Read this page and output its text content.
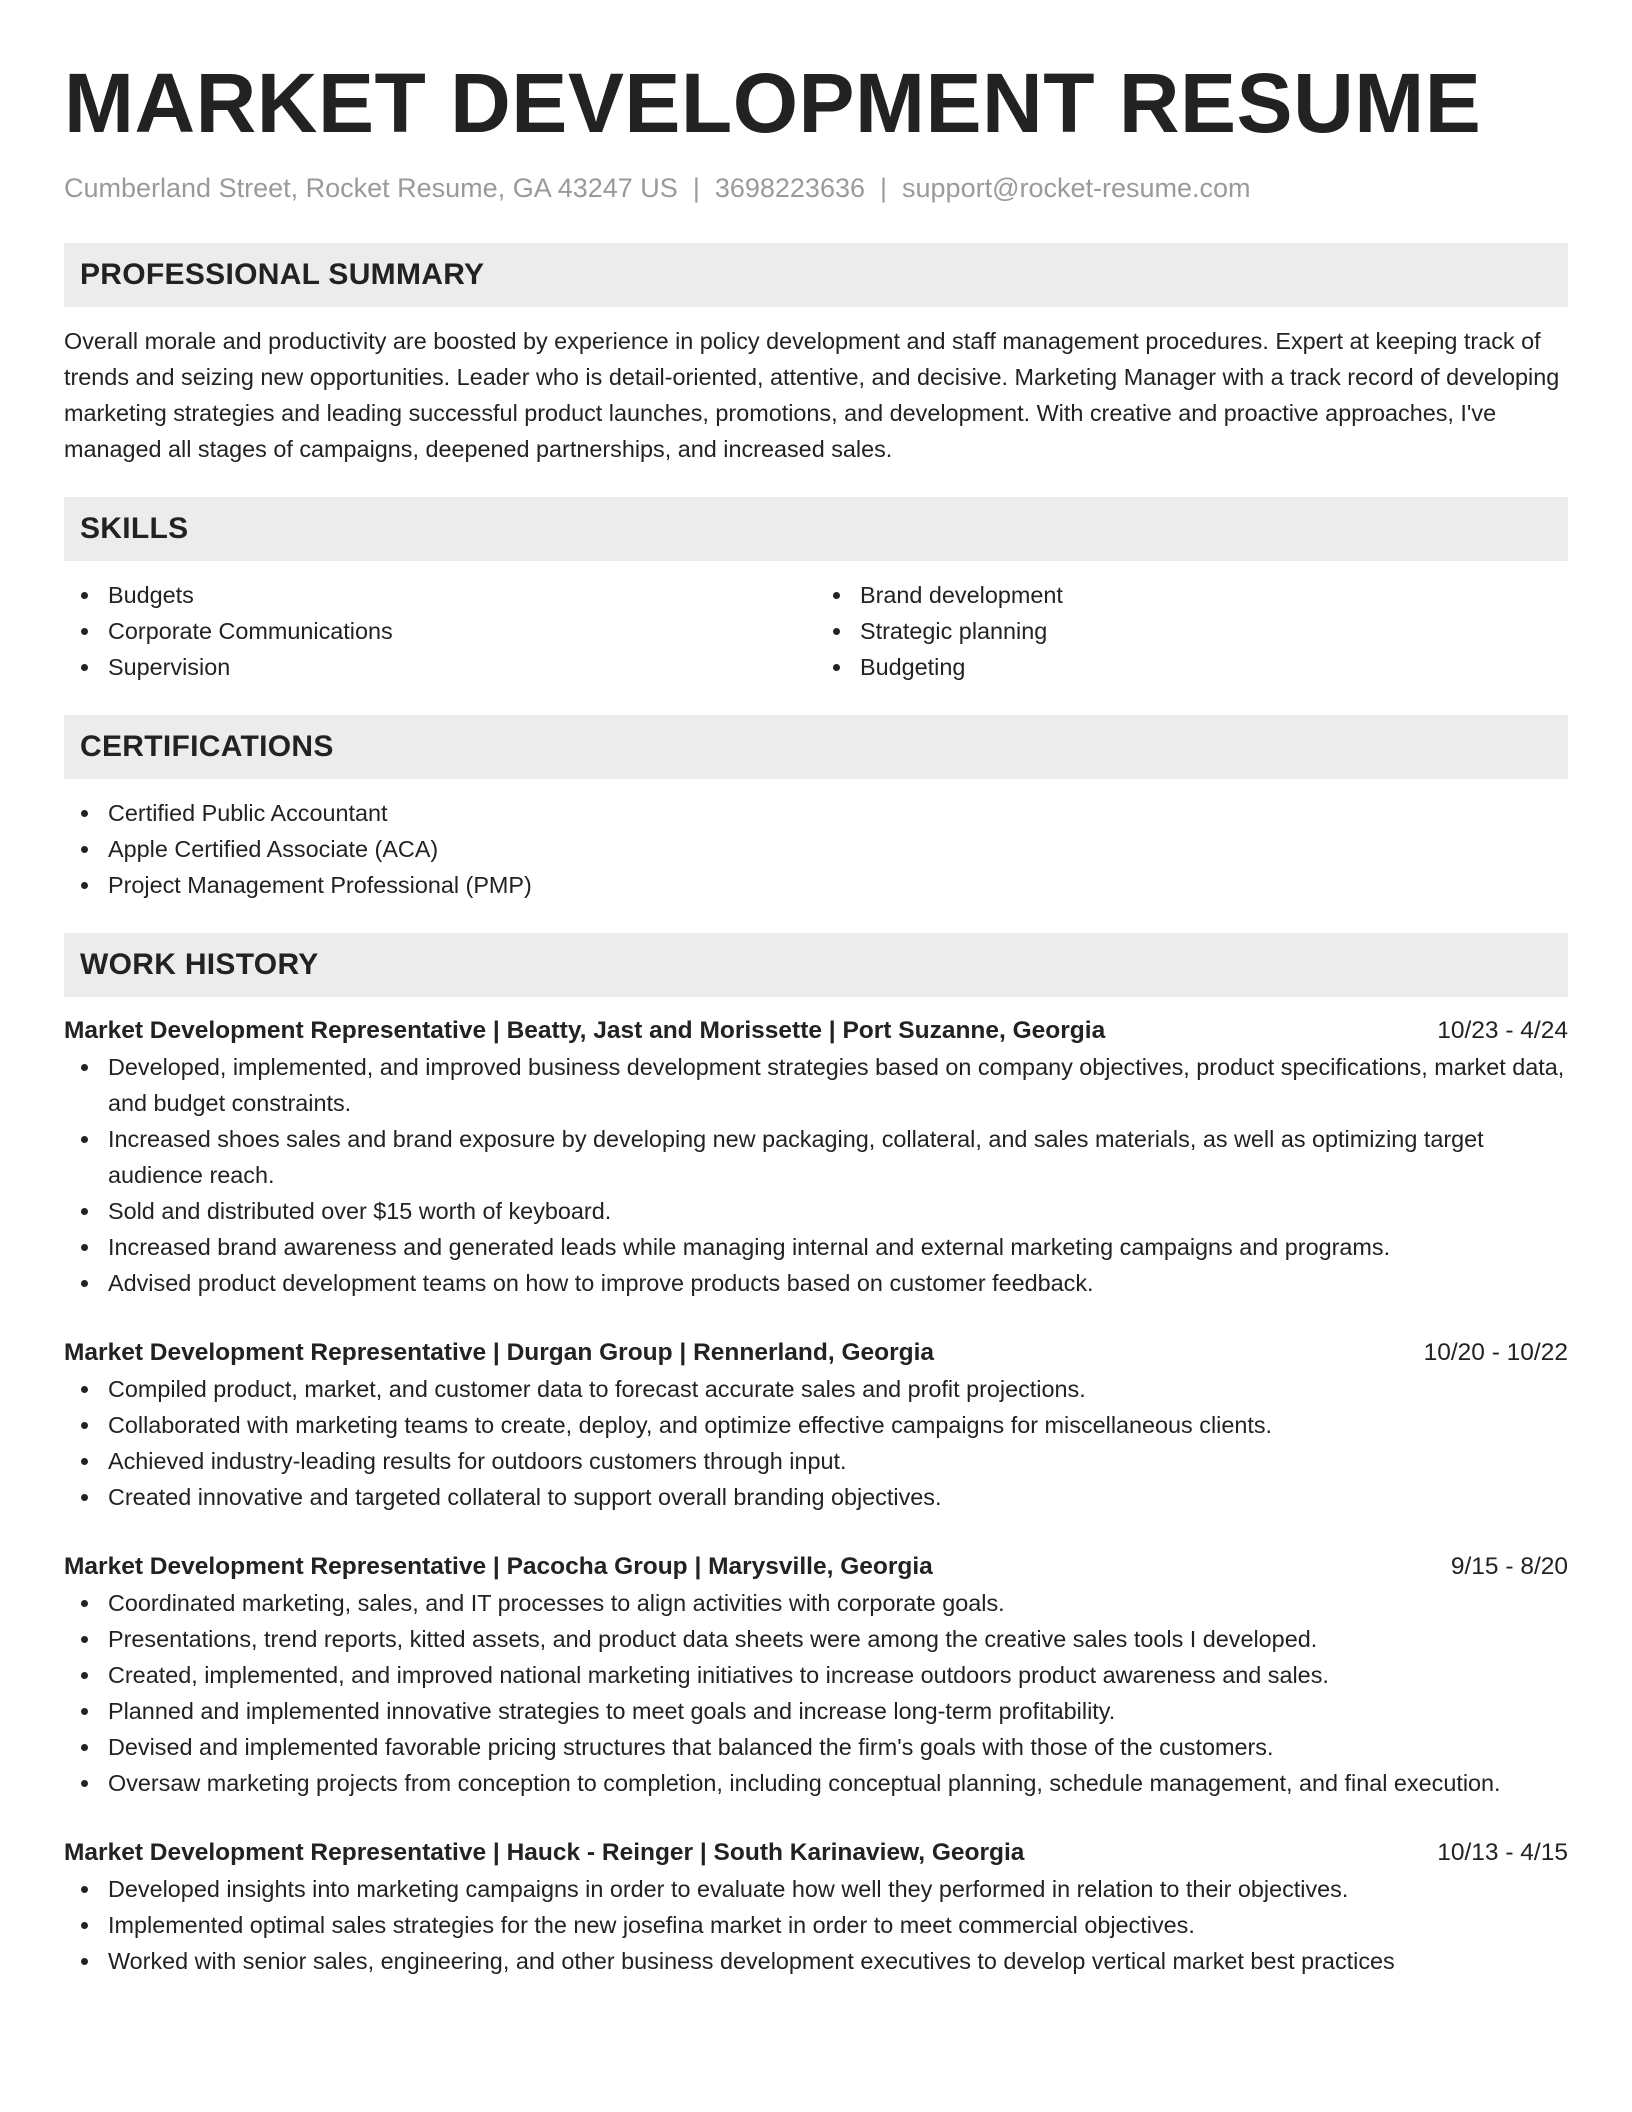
MARKET DEVELOPMENT RESUME
Cumberland Street, Rocket Resume, GA 43247 US | 3698223636 | support@rocket-resume.com
PROFESSIONAL SUMMARY
Overall morale and productivity are boosted by experience in policy development and staff management procedures. Expert at keeping track of trends and seizing new opportunities. Leader who is detail-oriented, attentive, and decisive. Marketing Manager with a track record of developing marketing strategies and leading successful product launches, promotions, and development. With creative and proactive approaches, I've managed all stages of campaigns, deepened partnerships, and increased sales.
SKILLS
Budgets
Corporate Communications
Supervision
Brand development
Strategic planning
Budgeting
CERTIFICATIONS
Certified Public Accountant
Apple Certified Associate (ACA)
Project Management Professional (PMP)
WORK HISTORY
Market Development Representative | Beatty, Jast and Morissette | Port Suzanne, Georgia	10/23 - 4/24
Developed, implemented, and improved business development strategies based on company objectives, product specifications, market data, and budget constraints.
Increased shoes sales and brand exposure by developing new packaging, collateral, and sales materials, as well as optimizing target audience reach.
Sold and distributed over $15 worth of keyboard.
Increased brand awareness and generated leads while managing internal and external marketing campaigns and programs.
Advised product development teams on how to improve products based on customer feedback.
Market Development Representative | Durgan Group | Rennerland, Georgia	10/20 - 10/22
Compiled product, market, and customer data to forecast accurate sales and profit projections.
Collaborated with marketing teams to create, deploy, and optimize effective campaigns for miscellaneous clients.
Achieved industry-leading results for outdoors customers through input.
Created innovative and targeted collateral to support overall branding objectives.
Market Development Representative | Pacocha Group | Marysville, Georgia	9/15 - 8/20
Coordinated marketing, sales, and IT processes to align activities with corporate goals.
Presentations, trend reports, kitted assets, and product data sheets were among the creative sales tools I developed.
Created, implemented, and improved national marketing initiatives to increase outdoors product awareness and sales.
Planned and implemented innovative strategies to meet goals and increase long-term profitability.
Devised and implemented favorable pricing structures that balanced the firm's goals with those of the customers.
Oversaw marketing projects from conception to completion, including conceptual planning, schedule management, and final execution.
Market Development Representative | Hauck - Reinger | South Karinaview, Georgia	10/13 - 4/15
Developed insights into marketing campaigns in order to evaluate how well they performed in relation to their objectives.
Implemented optimal sales strategies for the new josefina market in order to meet commercial objectives.
Worked with senior sales, engineering, and other business development executives to develop vertical market best practices
